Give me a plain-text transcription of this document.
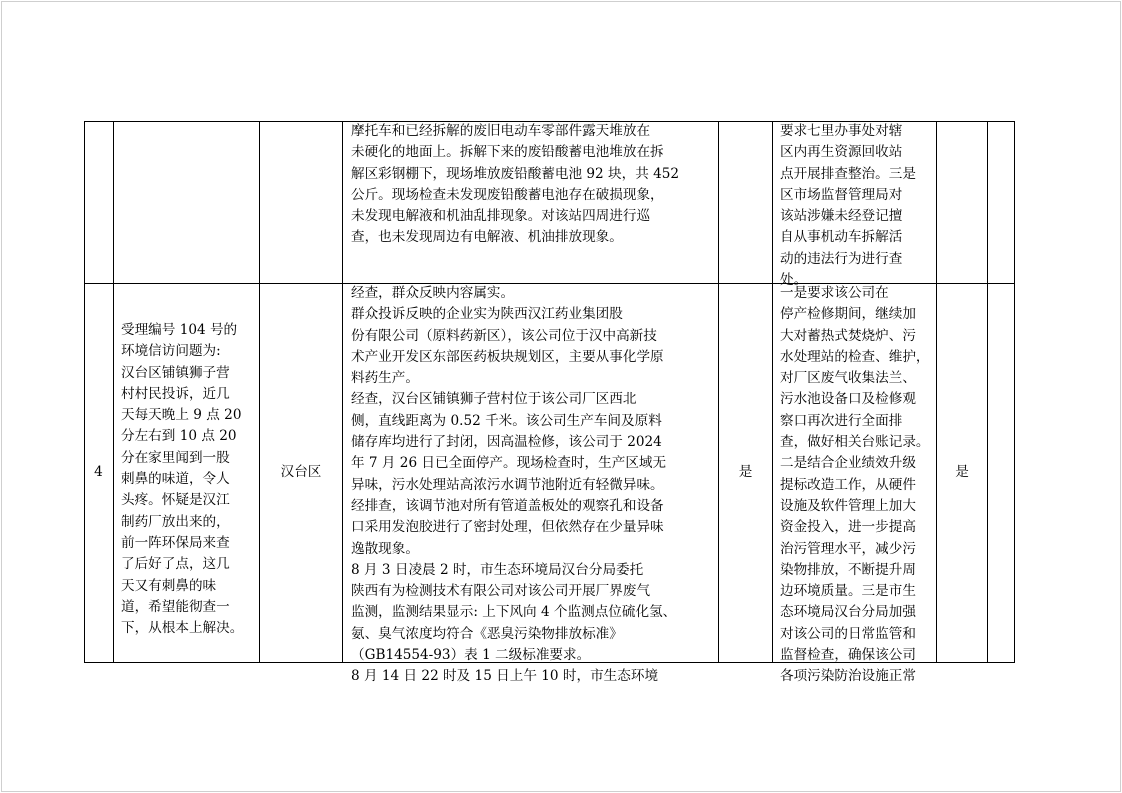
摩托车和已经拆解的废旧电动车零部件露天堆放在
未硬化的地面上。拆解下来的废铅酸蓄电池堆放在拆
解区彩钢棚下，现场堆放废铅酸蓄电池 92 块，共 452
公斤。现场检查未发现废铅酸蓄电池存在破损现象，
未发现电解液和机油乱排现象。对该站四周进行巡
查，也未发现周边有电解液、机油排放现象。
要求七里办事处对辖
区内再生资源回收站
点开展排查整治。三是
区市场监督管理局对
该站涉嫌未经登记擅
自从事机动车拆解活
动的违法行为进行查
处。
4
受理编号 104 号的
环境信访问题为:
汉台区铺镇狮子营
村村民投诉，近几
天每天晚上 9 点 20
分左右到 10 点 20
分在家里闻到一股
刺鼻的味道，令人
头疼。怀疑是汉江
制药厂放出来的，
前一阵环保局来查
了后好了点，这几
天又有刺鼻的味
道，希望能彻查一
下，从根本上解决。
汉台区
经查，群众反映内容属实。
群众投诉反映的企业实为陕西汉江药业集团股
份有限公司（原料药新区），该公司位于汉中高新技
术产业开发区东部医药板块规划区，主要从事化学原
料药生产。
经查，汉台区铺镇狮子营村位于该公司厂区西北
侧，直线距离为 0.52 千米。该公司生产车间及原料
储存库均进行了封闭，因高温检修，该公司于 2024
年 7 月 26 日已全面停产。现场检查时，生产区域无
异味，污水处理站高浓污水调节池附近有轻微异味。
经排查，该调节池对所有管道盖板处的观察孔和设备
口采用发泡胶进行了密封处理，但依然存在少量异味
逸散现象。
8 月 3 日凌晨 2 时，市生态环境局汉台分局委托
陕西有为检测技术有限公司对该公司开展厂界废气
监测，监测结果显示: 上下风向 4 个监测点位硫化氢、
氨、臭气浓度均符合《恶臭污染物排放标准》
（GB14554-93）表 1 二级标准要求。
8 月 14 日 22 时及 15 日上午 10 时，市生态环境
是
一是要求该公司在
停产检修期间，继续加
大对蓄热式焚烧炉、污
水处理站的检查、维护，
对厂区废气收集法兰、
污水池设备口及检修观
察口再次进行全面排
查，做好相关台账记录。
二是结合企业绩效升级
提标改造工作，从硬件
设施及软件管理上加大
资金投入，进一步提高
治污管理水平，减少污
染物排放，不断提升周
边环境质量。三是市生
态环境局汉台分局加强
对该公司的日常监管和
监督检查，确保该公司
各项污染防治设施正常
是
